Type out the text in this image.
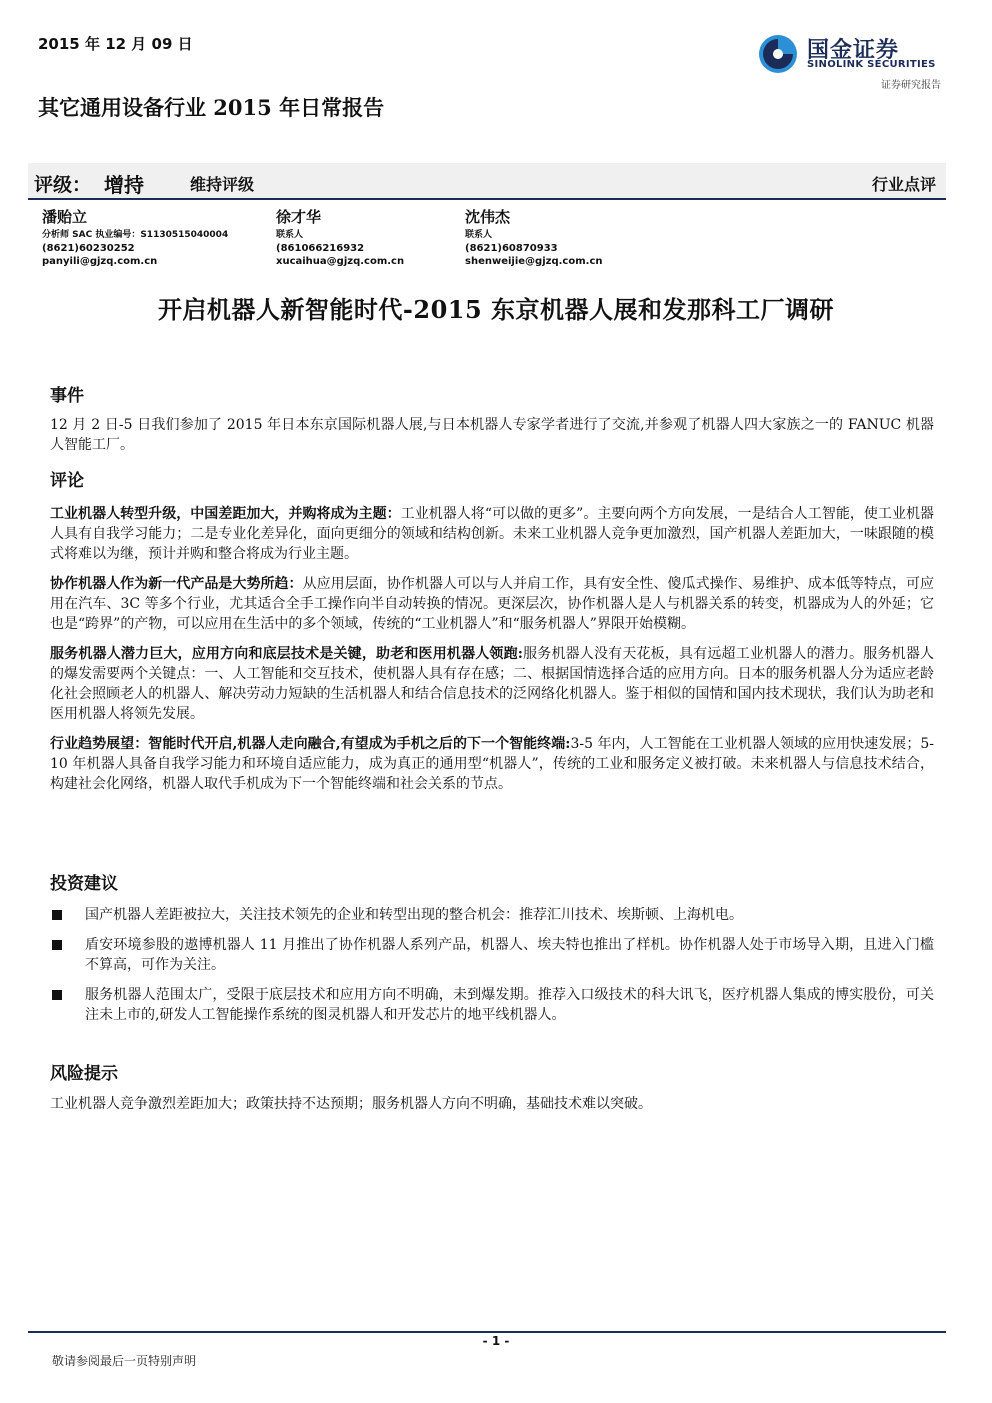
2015 年 12 月 09 日	国金证券
SINOLINK SECURITIES
证券研究报告
其它通用设备行业 2015 年日常报告
评级： 增持	维持评级	行业点评
潘贻立
分析师 SAC 执业编号：S1130515040004
(8621)60230252
panyili@gjzq.com.cn
徐才华
联系人
(861066216932
xucaihua@gjzq.com.cn
沈伟杰
联系人
(8621)60870933
shenweijie@gjzq.com.cn
开启机器人新智能时代-2015 东京机器人展和发那科工厂调研
事件
12 月 2 日-5 日我们参加了 2015 年日本东京国际机器人展,与日本机器人专家学者进行了交流,并参观了机器人四大家族之一的 FANUC 机器人智能工厂。
评论
工业机器人转型升级，中国差距加大，并购将成为主题：工业机器人将“可以做的更多”。主要向两个方向发展，一是结合人工智能，使工业机器人具有自我学习能力；二是专业化差异化，面向更细分的领域和结构创新。未来工业机器人竞争更加激烈，国产机器人差距加大，一味跟随的模式将难以为继，预计并购和整合将成为行业主题。
协作机器人作为新一代产品是大势所趋：从应用层面，协作机器人可以与人并肩工作，具有安全性、傻瓜式操作、易维护、成本低等特点，可应用在汽车、3C 等多个行业，尤其适合全手工操作向半自动转换的情况。更深层次，协作机器人是人与机器关系的转变，机器成为人的外延；它也是“跨界”的产物，可以应用在生活中的多个领域，传统的“工业机器人”和“服务机器人”界限开始模糊。
服务机器人潜力巨大，应用方向和底层技术是关键，助老和医用机器人领跑:服务机器人没有天花板，具有远超工业机器人的潜力。服务机器人的爆发需要两个关键点：一、人工智能和交互技术，使机器人具有存在感；二、根据国情选择合适的应用方向。日本的服务机器人分为适应老龄化社会照顾老人的机器人、解决劳动力短缺的生活机器人和结合信息技术的泛网络化机器人。鉴于相似的国情和国内技术现状，我们认为助老和医用机器人将领先发展。
行业趋势展望：智能时代开启,机器人走向融合,有望成为手机之后的下一个智能终端:3-5 年内，人工智能在工业机器人领域的应用快速发展；5-10 年机器人具备自我学习能力和环境自适应能力，成为真正的通用型“机器人”，传统的工业和服务定义被打破。未来机器人与信息技术结合，构建社会化网络，机器人取代手机成为下一个智能终端和社会关系的节点。
投资建议
国产机器人差距被拉大，关注技术领先的企业和转型出现的整合机会：推荐汇川技术、埃斯顿、上海机电。
盾安环境参股的遨博机器人 11 月推出了协作机器人系列产品，机器人、埃夫特也推出了样机。协作机器人处于市场导入期，且进入门槛不算高，可作为关注。
服务机器人范围太广，受限于底层技术和应用方向不明确，未到爆发期。推荐入口级技术的科大讯飞，医疗机器人集成的博实股份，可关注未上市的,研发人工智能操作系统的图灵机器人和开发芯片的地平线机器人。
风险提示
工业机器人竞争激烈差距加大；政策扶持不达预期；服务机器人方向不明确，基础技术难以突破。
- 1 -
敬请参阅最后一页特别声明
